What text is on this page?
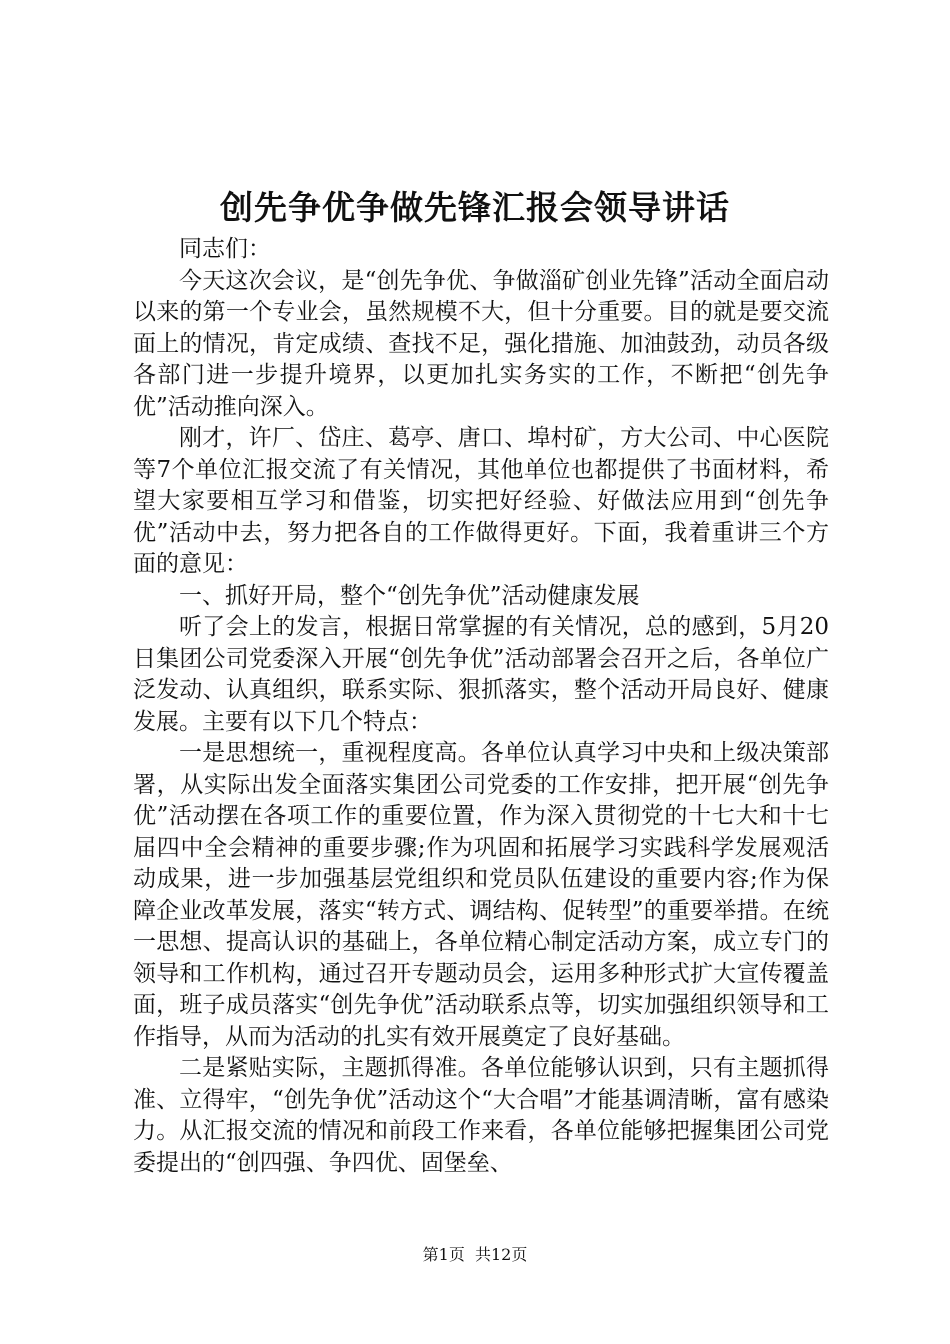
创先争优争做先锋汇报会领导讲话

同志们：

今天这次会议，是“创先争优、争做淄矿创业先锋”活动全面启动以来的第一个专业会，虽然规模不大，但十分重要。目的就是要交流面上的情况，肯定成绩、查找不足，强化措施、加油鼓劲，动员各级各部门进一步提升境界，以更加扎实务实的工作，不断把“创先争优”活动推向深入。

刚才，许厂、岱庄、葛亭、唐口、埠村矿，方大公司、中心医院等7个单位汇报交流了有关情况，其他单位也都提供了书面材料，希望大家要相互学习和借鉴，切实把好经验、好做法应用到“创先争优”活动中去，努力把各自的工作做得更好。下面，我着重讲三个方面的意见：

一、抓好开局，整个“创先争优”活动健康发展

听了会上的发言，根据日常掌握的有关情况，总的感到，5月20日集团公司党委深入开展“创先争优”活动部署会召开之后，各单位广泛发动、认真组织，联系实际、狠抓落实，整个活动开局良好、健康发展。主要有以下几个特点：

一是思想统一，重视程度高。各单位认真学习中央和上级决策部署，从实际出发全面落实集团公司党委的工作安排，把开展“创先争优”活动摆在各项工作的重要位置，作为深入贯彻党的十七大和十七届四中全会精神的重要步骤;作为巩固和拓展学习实践科学发展观活动成果，进一步加强基层党组织和党员队伍建设的重要内容;作为保障企业改革发展，落实“转方式、调结构、促转型”的重要举措。在统一思想、提高认识的基础上，各单位精心制定活动方案，成立专门的领导和工作机构，通过召开专题动员会，运用多种形式扩大宣传覆盖面，班子成员落实“创先争优”活动联系点等，切实加强组织领导和工作指导，从而为活动的扎实有效开展奠定了良好基础。

二是紧贴实际，主题抓得准。各单位能够认识到，只有主题抓得准、立得牢，“创先争优”活动这个“大合唱”才能基调清晰，富有感染力。从汇报交流的情况和前段工作来看，各单位能够把握集团公司党委提出的“创四强、争四优、固堡垒、

第1页  共12页
